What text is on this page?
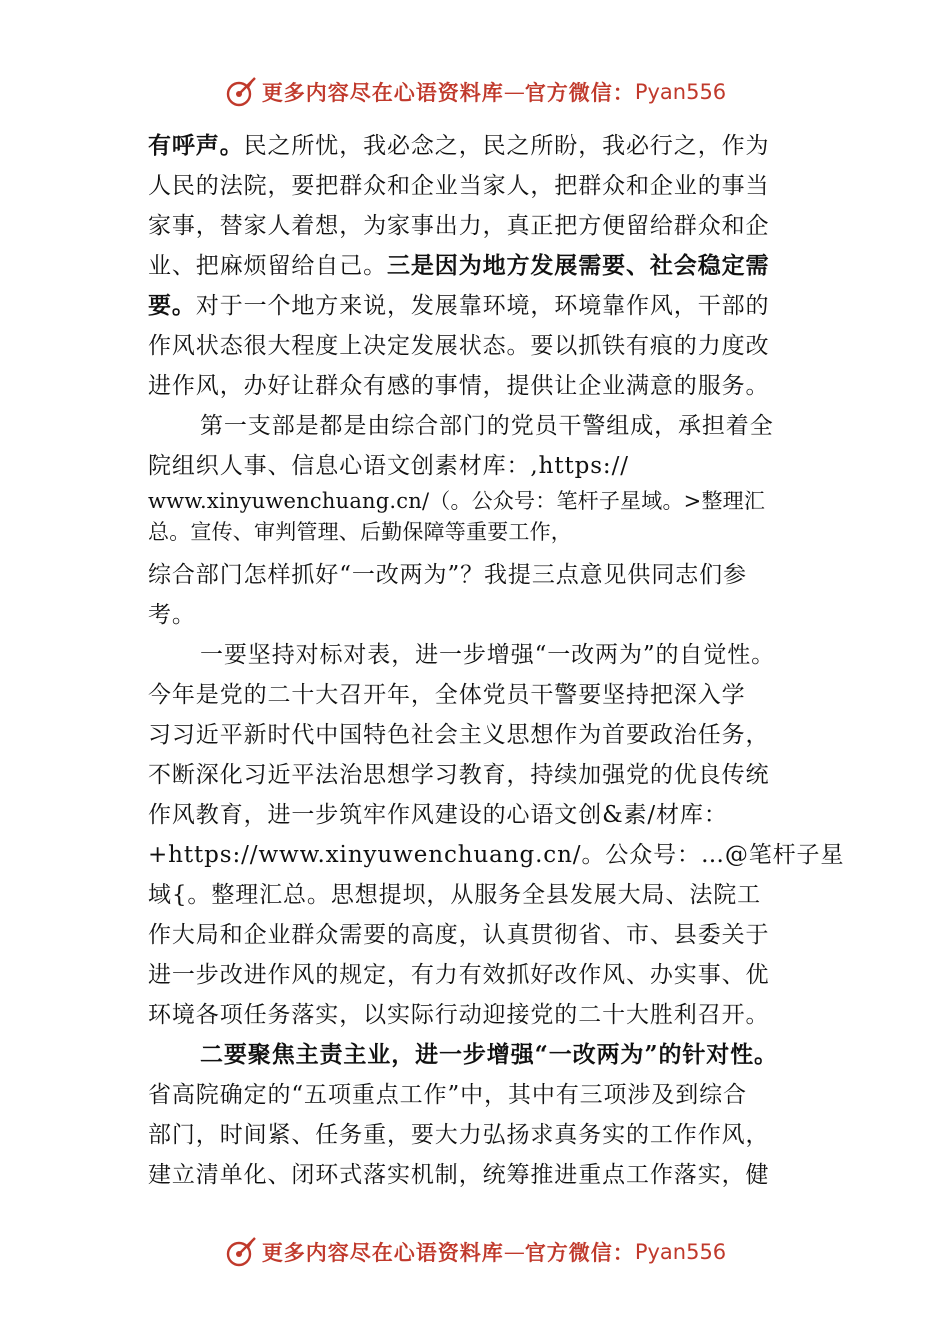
更多内容尽在心语资料库 — 官方微信： Pyan556
有呼声。民之所忧，我必念之，民之所盼，我必行之，作为
人民的法院，要把群众和企业当家人，把群众和企业的事当
家事，替家人着想，为家事出力，真正把方便留给群众和企
业、把麻烦留给自己。三是因为地方发展需要、社会稳定需
要。对于一个地方来说，发展靠环境，环境靠作风，干部的
作风状态很大程度上决定发展状态。要以抓铁有痕的力度改
进作风，办好让群众有感的事情，提供让企业满意的服务。
第一支部是都是由综合部门的党员干警组成，承担着全
院组织人事、信息心语文创素材库：,https://
www.xinyuwenchuang.cn/（。公众号：笔杆子星域。>整理汇
总。宣传、审判管理、后勤保障等重要工作，
综合部门怎样抓好“一改两为”？我提三点意见供同志们参
考。
一要坚持对标对表，进一步增强“一改两为”的自觉性。
今年是党的二十大召开年，全体党员干警要坚持把深入学
习习近平新时代中国特色社会主义思想作为首要政治任务，
不断深化习近平法治思想学习教育，持续加强党的优良传统
作风教育，进一步筑牢作风建设的心语文创&素/材库：
+https://www.xinyuwenchuang.cn/。公众号：…@笔杆子星
域{。整理汇总。思想提坝，从服务全县发展大局、法院工
作大局和企业群众需要的高度，认真贯彻省、市、县委关于
进一步改进作风的规定，有力有效抓好改作风、办实事、优
环境各项任务落实，以实际行动迎接党的二十大胜利召开。
二要聚焦主责主业，进一步增强“一改两为”的针对性。
省高院确定的“五项重点工作”中，其中有三项涉及到综合
部门，时间紧、任务重，要大力弘扬求真务实的工作作风，
建立清单化、闭环式落实机制，统筹推进重点工作落实，健
更多内容尽在心语资料库 — 官方微信： Pyan556
